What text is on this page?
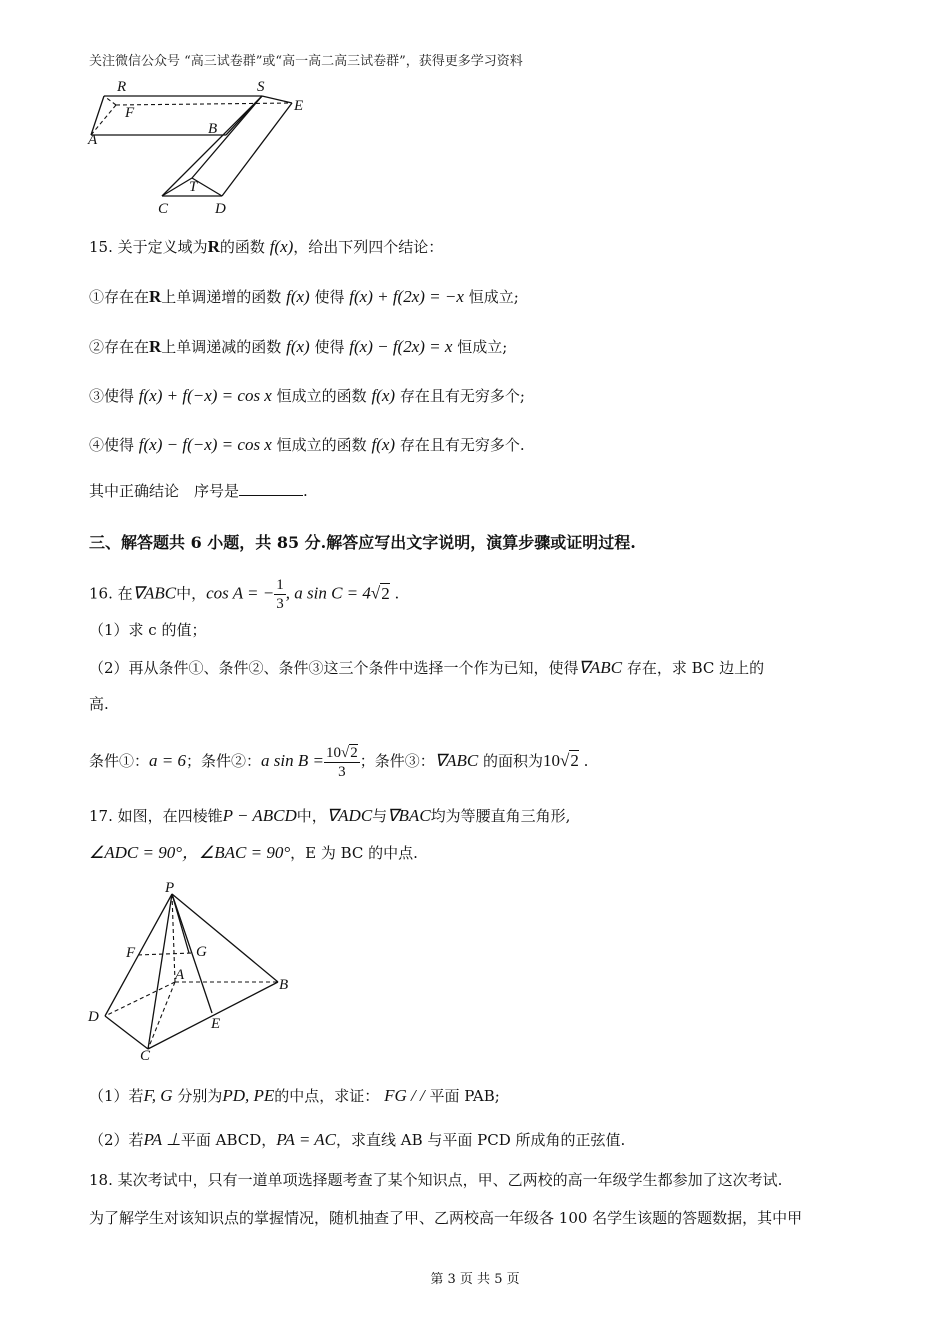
关注微信公众号 “高三试卷群”或“高一高二高三试卷群”，获得更多学习资料
R	S
E
F
A
B
T
C	D
15. 关于定义域为R的函数 f(x)，给出下列四个结论：
①存在在R上单调递增的函数 f(x) 使得 f(x) + f(2x) = −x 恒成立;
②存在在R上单调递减的函数 f(x) 使得 f(x) − f(2x) = x 恒成立;
③使得 f(x) + f(−x) = cos x 恒成立的函数 f(x) 存在且有无穷多个;
④使得 f(x) − f(−x) = cos x 恒成立的函数 f(x) 存在且有无穷多个.
其中正确结论　序号是	.
三、解答题共 6 小题，共 85 分.解答应写出文字说明，演算步骤或证明过程.
16. 在∇ABC中，cos A = − $\frac{1}{3}$ , a sin C = 4√2 .
（1）求 c 的值；
（2）再从条件①、条件②、条件③这三个条件中选择一个作为已知，使得∇ABC 存在，求 BC 边上的
高.
条件①：a = 6；条件②：a $\sin B = \frac{10√2}{3}$ ；条件③：∇ABC 的面积为10√2 .
17. 如图，在四棱锥P − ABCD中，∇ADC与∇BAC均为等腰直角三角形,
∠ADC = 90°，∠BAC = 90°，E 为 BC 的中点.
P
F	G
A
B
D	E
C
（1）若F, G 分别为PD, PE的中点，求证： FG / / 平面 PAB;
（2）若PA ⊥平面 ABCD，PA = AC，求直线 AB 与平面 PCD 所成角的正弦值.
18. 某次考试中，只有一道单项选择题考查了某个知识点，甲、乙两校的高一年级学生都参加了这次考试.
为了解学生对该知识点的掌握情况，随机抽查了甲、乙两校高一年级各 100 名学生该题的答题数据，其中甲
第 3 页 共 5 页
